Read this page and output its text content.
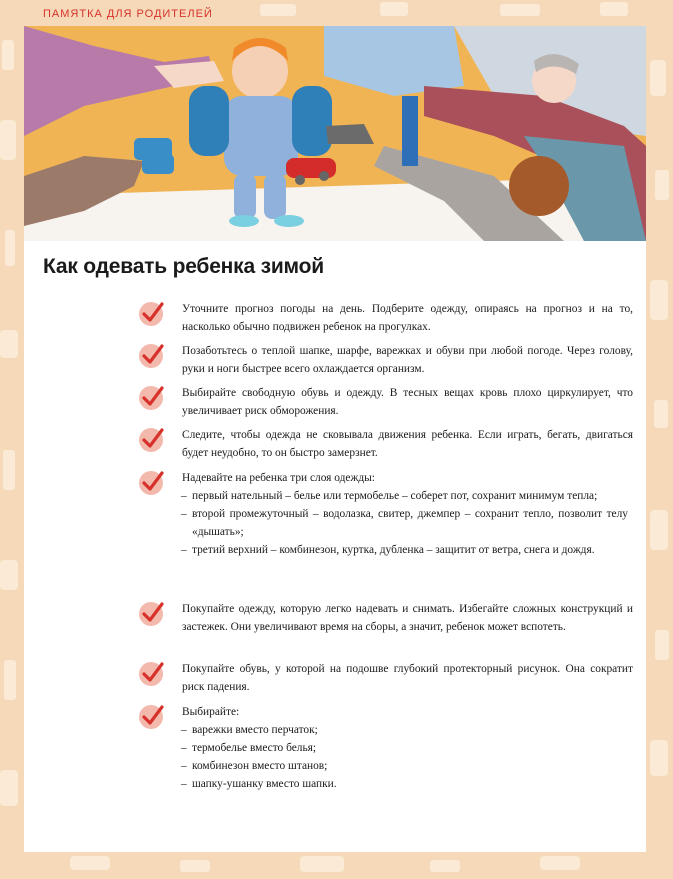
ПАМЯТКА ДЛЯ РОДИТЕЛЕЙ
Как одевать ребенка зимой
Уточните прогноз погоды на день. Подберите одежду, опираясь на прогноз и на то, насколько обычно подвижен ребенок на прогулках.
Позаботьтесь о теплой шапке, шарфе, варежках и обуви при любой погоде. Через голову, руки и ноги быстрее всего охлаждается организм.
Выбирайте свободную обувь и одежду. В тесных вещах кровь плохо циркулирует, что увеличивает риск обморожения.
Следите, чтобы одежда не сковывала движения ребенка. Если играть, бегать, двигаться будет неудобно, то он быстро замерзнет.
Надевайте на ребенка три слоя одежды:
– первый нательный – белье или термобелье – соберет пот, сохранит минимум тепла;
– второй промежуточный – водолазка, свитер, джемпер – сохранит тепло, позволит телу «дышать»;
– третий верхний – комбинезон, куртка, дубленка – защитит от ветра, снега и дождя.
Покупайте одежду, которую легко надевать и снимать. Избегайте сложных конструкций и застежек. Они увеличивают время на сборы, а значит, ребенок может вспотеть.
Покупайте обувь, у которой на подошве глубокий протекторный рисунок. Она сократит риск падения.
Выбирайте:
– варежки вместо перчаток;
– термобелье вместо белья;
– комбинезон вместо штанов;
– шапку-ушанку вместо шапки.
